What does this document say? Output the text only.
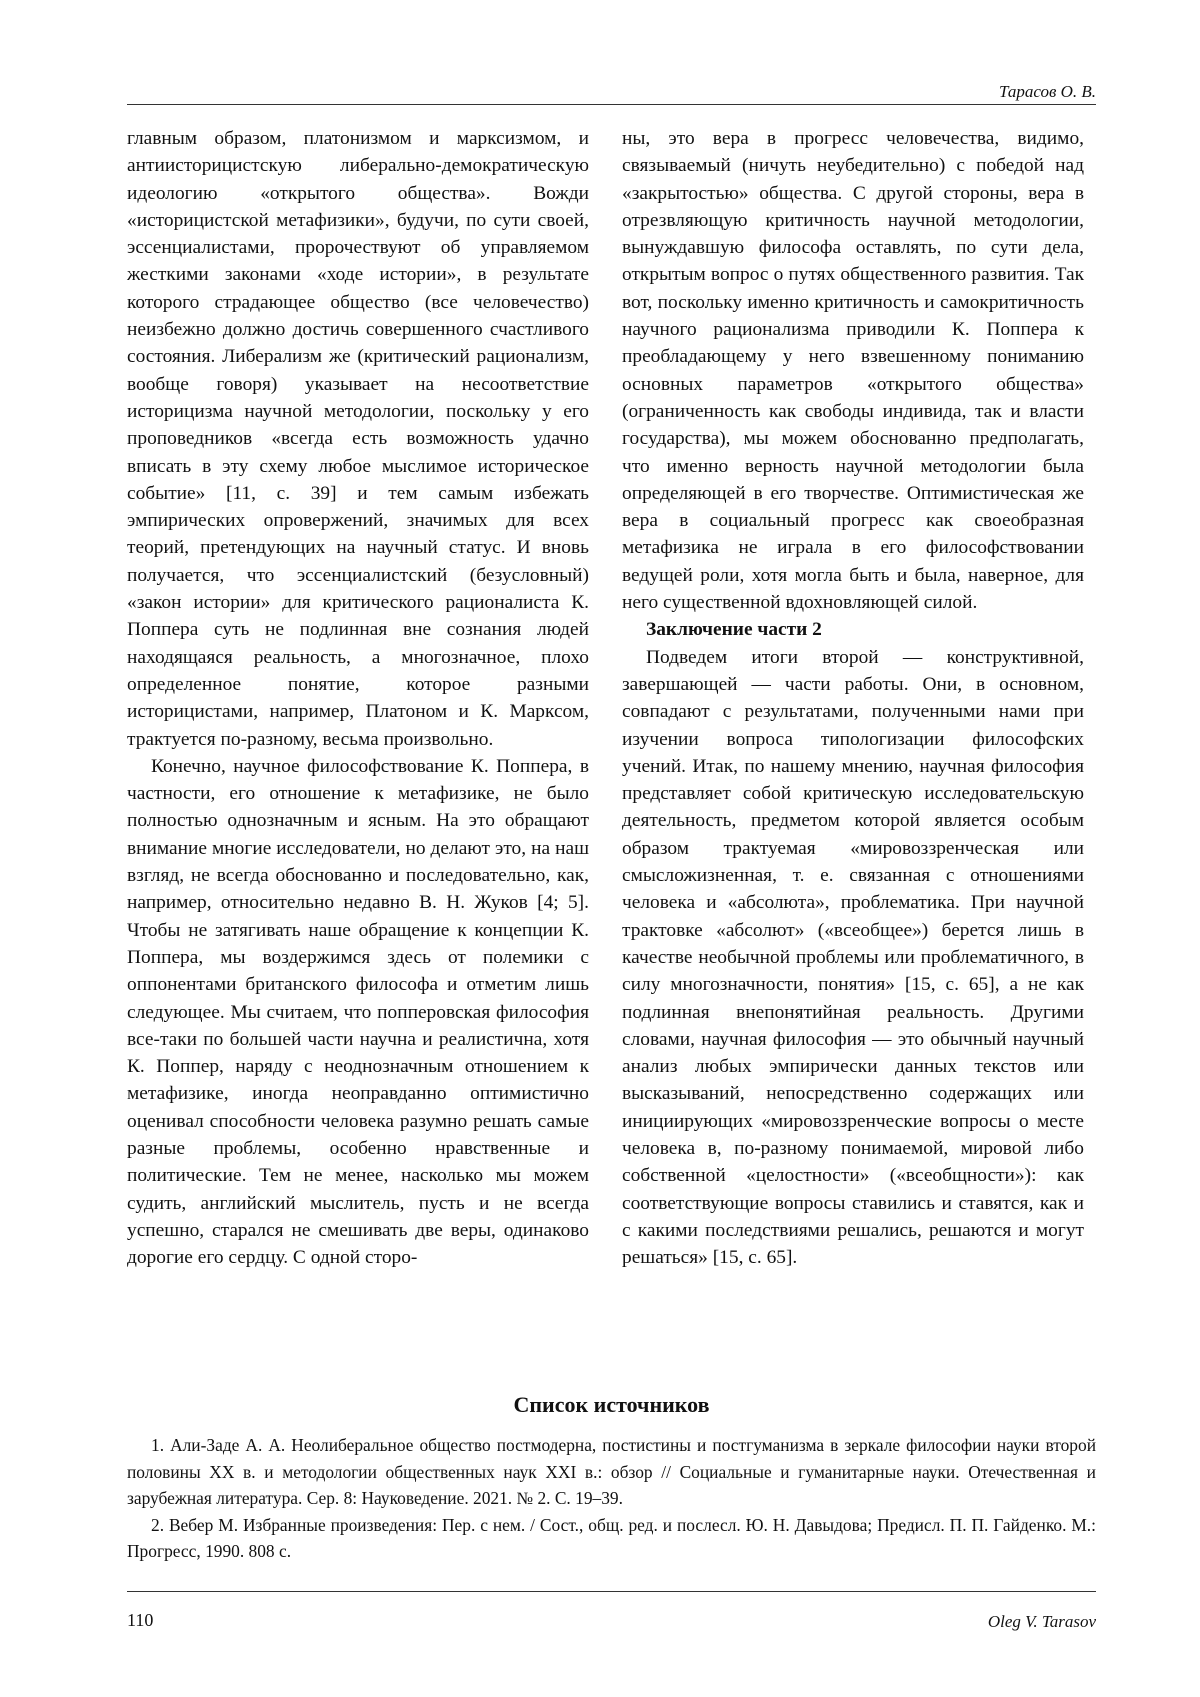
Тарасов О. В.

главным образом, платонизмом и марксизмом, и антиисторицистскую либерально-демократическую идеологию «открытого общества». Вожди «историцистской метафизики», будучи, по сути своей, эссенциалистами, пророчествуют об управляемом жесткими законами «ходе истории», в результате которого страдающее общество (все человечество) неизбежно должно достичь совершенного счастливого состояния. Либерализм же (критический рационализм, вообще говоря) указывает на несоответствие историцизма научной методологии, поскольку у его проповедников «всегда есть возможность удачно вписать в эту схему любое мыслимое историческое событие» [11, с. 39] и тем самым избежать эмпирических опровержений, значимых для всех теорий, претендующих на научный статус. И вновь получается, что эссенциалистский (безусловный) «закон истории» для критического рационалиста К. Поппера суть не подлинная вне сознания людей находящаяся реальность, а многозначное, плохо определенное понятие, которое разными историцистами, например, Платоном и К. Марксом, трактуется по-разному, весьма произвольно.

Конечно, научное философствование К. Поппера, в частности, его отношение к метафизике, не было полностью однозначным и ясным. На это обращают внимание многие исследователи, но делают это, на наш взгляд, не всегда обоснованно и последовательно, как, например, относительно недавно В. Н. Жуков [4; 5]. Чтобы не затягивать наше обращение к концепции К. Поппера, мы воздержимся здесь от полемики с оппонентами британского философа и отметим лишь следующее. Мы считаем, что попперовская философия все-таки по большей части научна и реалистична, хотя К. Поппер, наряду с неоднозначным отношением к метафизике, иногда неоправданно оптимистично оценивал способности человека разумно решать самые разные проблемы, особенно нравственные и политические. Тем не менее, насколько мы можем судить, английский мыслитель, пусть и не всегда успешно, старался не смешивать две веры, одинаково дорогие его сердцу. С одной сторо-

ны, это вера в прогресс человечества, видимо, связываемый (ничуть неубедительно) с победой над «закрытостью» общества. С другой стороны, вера в отрезвляющую критичность научной методологии, вынуждавшую философа оставлять, по сути дела, открытым вопрос о путях общественного развития. Так вот, поскольку именно критичность и самокритичность научного рационализма приводили К. Поппера к преобладающему у него взвешенному пониманию основных параметров «открытого общества» (ограниченность как свободы индивида, так и власти государства), мы можем обоснованно предполагать, что именно верность научной методологии была определяющей в его творчестве. Оптимистическая же вера в социальный прогресс как своеобразная метафизика не играла в его философствовании ведущей роли, хотя могла быть и была, наверное, для него существенной вдохновляющей силой.

Заключение части 2

Подведем итоги второй — конструктивной, завершающей — части работы. Они, в основном, совпадают с результатами, полученными нами при изучении вопроса типологизации философских учений. Итак, по нашему мнению, научная философия представляет собой критическую исследовательскую деятельность, предметом которой является особым образом трактуемая «мировоззренческая или смысложизненная, т. е. связанная с отношениями человека и «абсолюта», проблематика. При научной трактовке «абсолют» («всеобщее») берется лишь в качестве необычной проблемы или проблематичного, в силу многозначности, понятия» [15, с. 65], а не как подлинная внепонятийная реальность. Другими словами, научная философия — это обычный научный анализ любых эмпирически данных текстов или высказываний, непосредственно содержащих или инициирующих «мировоззренческие вопросы о месте человека в, по-разному понимаемой, мировой либо собственной «целостности» («всеобщности»): как соответствующие вопросы ставились и ставятся, как и с какими последствиями решались, решаются и могут решаться» [15, с. 65].

Список источников

1. Али-Заде А. А. Неолиберальное общество постмодерна, постистины и постгуманизма в зеркале философии науки второй половины XX в. и методологии общественных наук XXI в.: обзор // Социальные и гуманитарные науки. Отечественная и зарубежная литература. Сер. 8: Науковедение. 2021. № 2. С. 19–39.

2. Вебер М. Избранные произведения: Пер. с нем. / Сост., общ. ред. и послесл. Ю. Н. Давыдова; Предисл. П. П. Гайденко. М.: Прогресс, 1990. 808 с.

110	Oleg V. Tarasov
